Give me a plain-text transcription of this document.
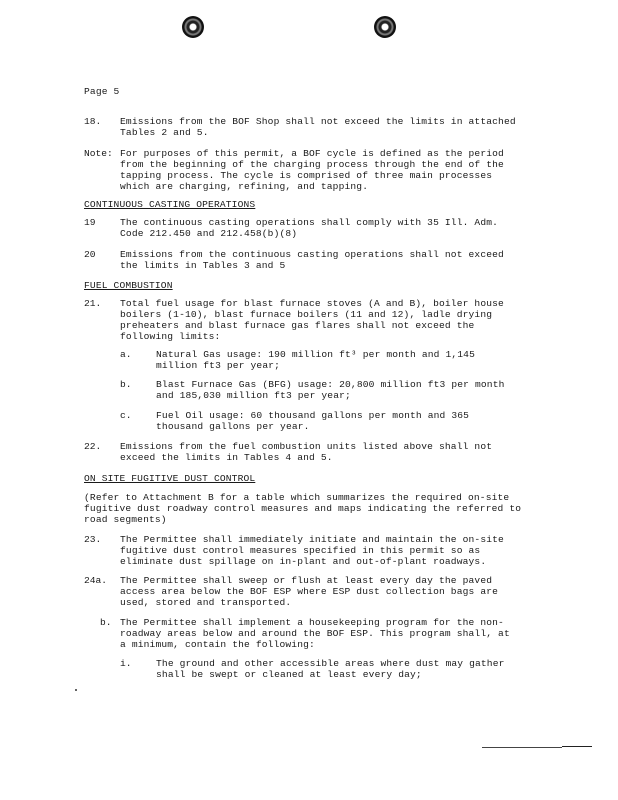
Page 5
18. Emissions from the BOF Shop shall not exceed the limits in attached
Tables 2 and 5.
Note: For purposes of this permit, a BOF cycle is defined as the period
from the beginning of the charging process through the end of the
tapping process. The cycle is comprised of three main processes
which are charging, refining, and tapping.
CONTINUOUS CASTING OPERATIONS
19	The continuous casting operations shall comply with 35 Ill. Adm.
Code 212.450 and 212.458(b)(8)
20	Emissions from the continuous casting operations shall not exceed
the limits in Tables 3 and 5
FUEL COMBUSTION
21. Total fuel usage for blast furnace stoves (A and B), boiler house
boilers (1-10), blast furnace boilers (11 and 12), ladle drying
preheaters and blast furnace gas flares shall not exceed the
following limits:
a.	Natural Gas usage: 190 million ft³ per month and 1,145
million ft3 per year;
b.	Blast Furnace Gas (BFG) usage: 20,800 million ft3 per month
and 185,030 million ft3 per year;
c.	Fuel Oil usage: 60 thousand gallons per month and 365
thousand gallons per year.
22. Emissions from the fuel combustion units listed above shall not
exceed the limits in Tables 4 and 5.
ON SITE FUGITIVE DUST CONTROL
(Refer to Attachment B for a table which summarizes the required on-site
fugitive dust roadway control measures and maps indicating the referred to
road segments)
23. The Permittee shall immediately initiate and maintain the on-site
fugitive dust control measures specified in this permit so as
eliminate dust spillage on in-plant and out-of-plant roadways.
24a. The Permittee shall sweep or flush at least every day the paved
access area below the BOF ESP where ESP dust collection bags are
used, stored and transported.
b. The Permittee shall implement a housekeeping program for the non-
roadway areas below and around the BOF ESP. This program shall, at
a minimum, contain the following:
i.	The ground and other accessible areas where dust may gather
shall be swept or cleaned at least every day;
